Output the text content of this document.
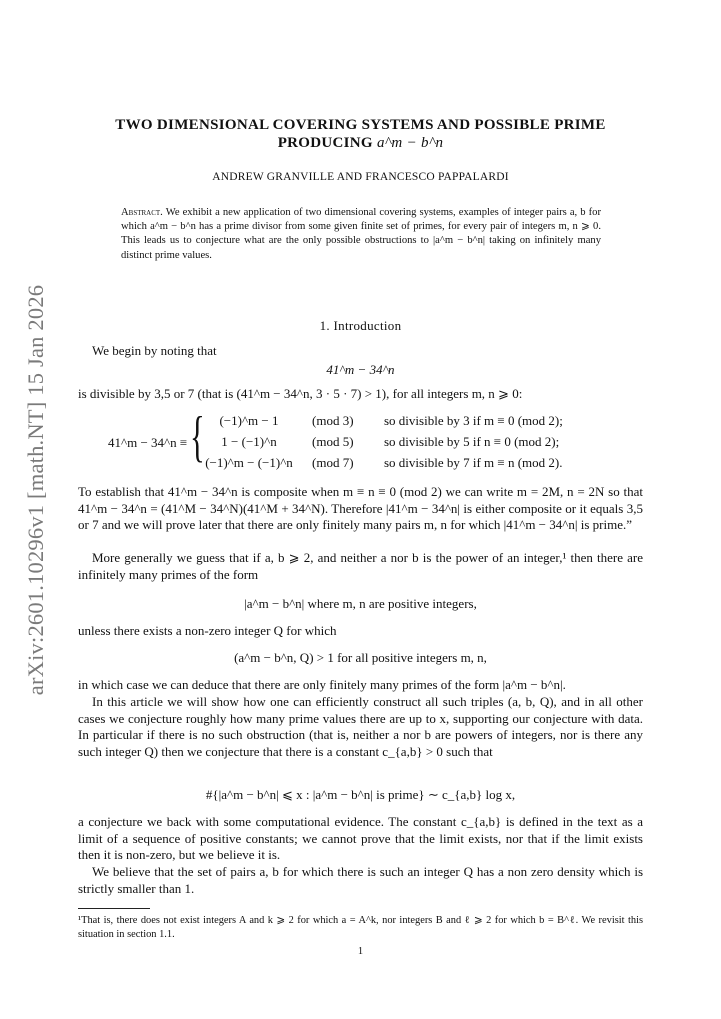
arXiv:2601.10296v1 [math.NT] 15 Jan 2026
TWO DIMENSIONAL COVERING SYSTEMS AND POSSIBLE PRIME
PRODUCING a^m − b^n
ANDREW GRANVILLE AND FRANCESCO PAPPALARDI
Abstract. We exhibit a new application of two dimensional covering systems, examples of integer pairs a, b for which a^m − b^n has a prime divisor from some given finite set of primes, for every pair of integers m, n ⩾ 0. This leads us to conjecture what are the only possible obstructions to |a^m − b^n| taking on infinitely many distinct prime values.
1. Introduction
We begin by noting that
41^m − 34^n
is divisible by 3,5 or 7 (that is (41^m − 34^n, 3 · 5 · 7) > 1), for all integers m, n ⩾ 0:
41^m − 34^n ≡ {	(−1)^m − 1	(mod 3) so divisible by 3 if m ≡ 0 (mod 2);
1 − (−1)^n	(mod 5) so divisible by 5 if n ≡ 0 (mod 2);
(−1)^m − (−1)^n (mod 7) so divisible by 7 if m ≡ n (mod 2).
To establish that 41^m − 34^n is composite when m ≡ n ≡ 0 (mod 2) we can write m = 2M, n = 2N so that 41^m − 34^n = (41^M − 34^N)(41^M + 34^N). Therefore |41^m − 34^n| is either composite or it equals 3,5 or 7 and we will prove later that there are only finitely many pairs m, n for which |41^m − 34^n| is prime.”
More generally we guess that if a, b ⩾ 2, and neither a nor b is the power of an integer,¹ then there are infinitely many primes of the form
|a^m − b^n| where m, n are positive integers,
unless there exists a non-zero integer Q for which
(a^m − b^n, Q) > 1 for all positive integers m, n,
in which case we can deduce that there are only finitely many primes of the form |a^m − b^n|.
In this article we will show how one can efficiently construct all such triples (a, b, Q), and in all other cases we conjecture roughly how many prime values there are up to x, supporting our conjecture with data. In particular if there is no such obstruction (that is, neither a nor b are powers of integers, nor is there any such integer Q) then we conjecture that there is a constant c_{a,b} > 0 such that
#{|a^m − b^n| ⩽ x : |a^m − b^n| is prime} ∼ c_{a,b} log x,
a conjecture we back with some computational evidence. The constant c_{a,b} is defined in the text as a limit of a sequence of positive constants; we cannot prove that the limit exists, nor that if the limit exists then it is non-zero, but we believe it is.
We believe that the set of pairs a, b for which there is such an integer Q has a non zero density which is strictly smaller than 1.
¹That is, there does not exist integers A and k ⩾ 2 for which a = A^k, nor integers B and ℓ ⩾ 2 for which b = B^ℓ. We revisit this situation in section 1.1.
1
